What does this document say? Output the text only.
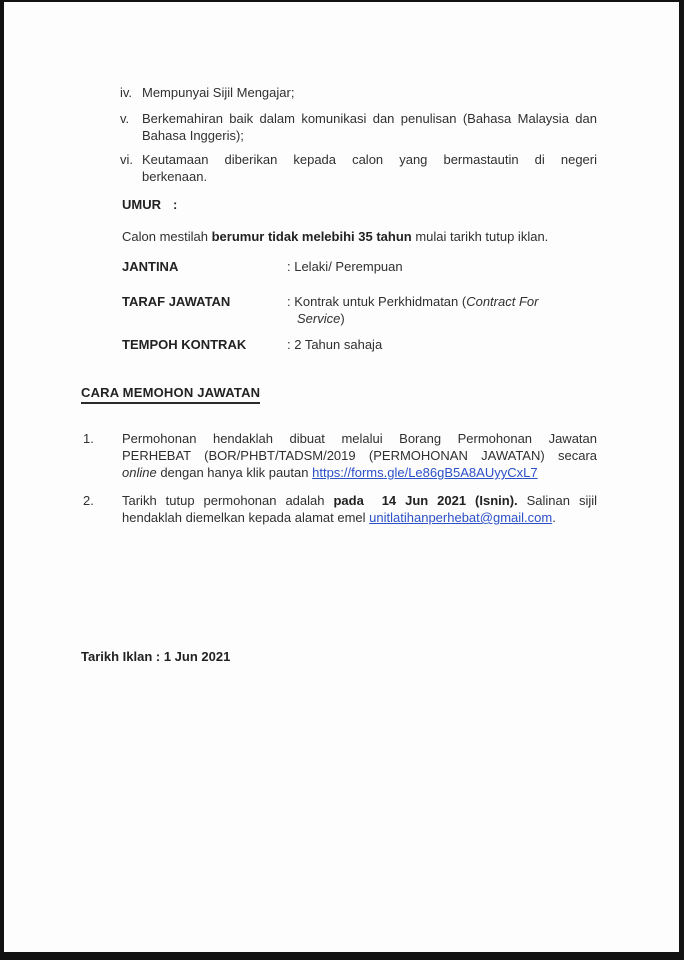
iv. Mempunyai Sijil Mengajar;
v. Berkemahiran baik dalam komunikasi dan penulisan (Bahasa Malaysia dan
Bahasa Inggeris);
vi. Keutamaan diberikan kepada calon yang bermastautin di negeri
berkenaan.
UMUR :
Calon mestilah berumur tidak melebihi 35 tahun mulai tarikh tutup iklan.
JANTINA	: Lelaki/ Perempuan
TARAF JAWATAN	: Kontrak untuk Perkhidmatan (Contract For
Service)
TEMPOH KONTRAK	: 2 Tahun sahaja
CARA MEMOHON JAWATAN
1.	Permohonan hendaklah dibuat melalui Borang Permohonan Jawatan
PERHEBAT (BOR/PHBT/TADSM/2019 (PERMOHONAN JAWATAN) secara
online dengan hanya klik pautan https://forms.gle/Le86gB5A8AUyyCxL7
2.	Tarikh tutup permohonan adalah pada  14 Jun 2021 (Isnin). Salinan sijil
hendaklah diemelkan kepada alamat emel unitlatihanperhebat@gmail.com.
Tarikh Iklan : 1 Jun 2021
